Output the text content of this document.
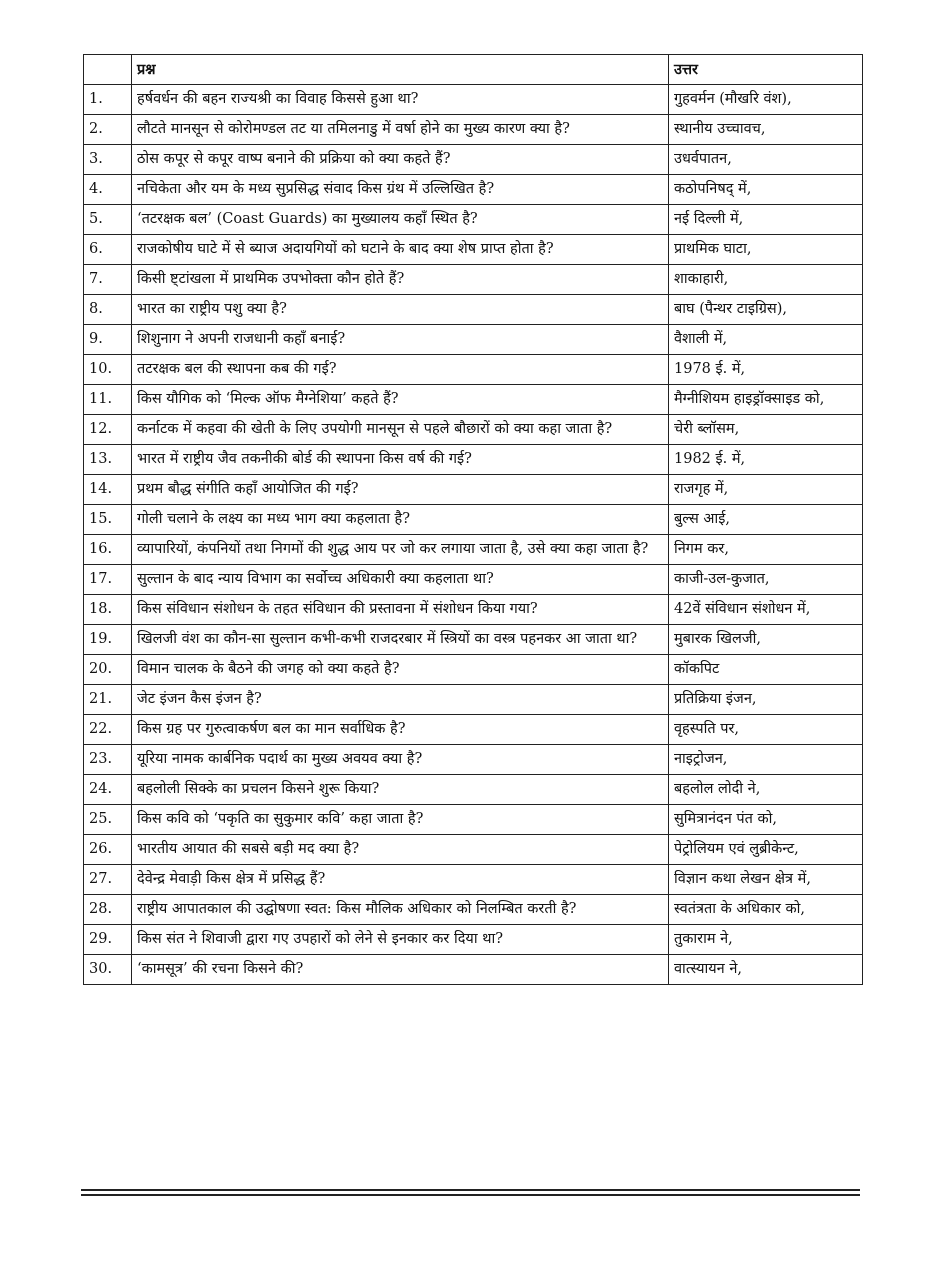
	प्रश्न	उत्तर
1.	हर्षवर्धन की बहन राज्यश्री का विवाह किससे हुआ था?	गुहवर्मन (मौखरि वंश),
2.	लौटते मानसून से कोरोमण्डल तट या तमिलनाडु में वर्षा होने का मुख्य कारण क्या है?	स्थानीय उच्चावच,
3.	ठोस कपूर से कपूर वाष्प बनाने की प्रक्रिया को क्या कहते हैं?	उधर्वपातन,
4.	नचिकेता और यम के मध्य सुप्रसिद्ध संवाद किस ग्रंथ में उल्लिखित है?	कठोपनिषद् में,
5.	‘तटरक्षक बल’ (Coast Guards) का मुख्यालय कहाँ स्थित है?	नई दिल्ली में,
6.	राजकोषीय घाटे में से ब्याज अदायगियों को घटाने के बाद क्या शेष प्राप्त होता है?	प्राथमिक घाटा,
7.	किसी ष्ट्टांखला में प्राथमिक उपभोक्ता कौन होते हैं?	शाकाहारी,
8.	भारत का राष्ट्रीय पशु क्या है?	बाघ (पैन्थर टाइग्रिस),
9.	शिशुनाग ने अपनी राजधानी कहाँ बनाई?	वैशाली में,
10.	तटरक्षक बल की स्थापना कब की गई?	1978 ई. में,
11.	किस यौगिक को ‘मिल्क ऑफ मैग्नेशिया’ कहते हैं?	मैग्नीशियम हाइड्रॉक्साइड को,
12.	कर्नाटक में कहवा की खेती के लिए उपयोगी मानसून से पहले बौछारों को क्या कहा जाता है?	चेरी ब्लॉसम,
13.	भारत में राष्ट्रीय जैव तकनीकी बोर्ड की स्थापना किस वर्ष की गई?	1982 ई. में,
14.	प्रथम बौद्ध संगीति कहाँ आयोजित की गई?	राजगृह में,
15.	गोली चलाने के लक्ष्य का मध्य भाग क्या कहलाता है?	बुल्स आई,
16.	व्यापारियों, कंपनियों तथा निगमों की शुद्ध आय पर जो कर लगाया जाता है, उसे क्या कहा जाता है?	निगम कर,
17.	सुल्तान के बाद न्याय विभाग का सर्वोच्च अधिकारी क्या कहलाता था?	काजी-उल-कुजात,
18.	किस संविधान संशोधन के तहत संविधान की प्रस्तावना में संशोधन किया गया?	42वें संविधान संशोधन में,
19.	खिलजी वंश का कौन-सा सुल्तान कभी-कभी राजदरबार में स्त्रियों का वस्त्र पहनकर आ जाता था?	मुबारक खिलजी,
20.	विमान चालक के बैठने की जगह को क्या कहते है?	कॉकपिट
21.	जेट इंजन कैस इंजन है?	प्रतिक्रिया इंजन,
22.	किस ग्रह पर गुरुत्वाकर्षण बल का मान सर्वाधिक है?	वृहस्पति पर,
23.	यूरिया नामक कार्बनिक पदार्थ का मुख्य अवयव क्या है?	नाइट्रोजन,
24.	बहलोली सिक्के का प्रचलन किसने शुरू किया?	बहलोल लोदी ने,
25.	किस कवि को ‘पकृति का सुकुमार कवि’ कहा जाता है?	सुमित्रानंदन पंत को,
26.	भारतीय आयात की सबसे बड़ी मद क्या है?	पेट्रोलियम एवं लुब्रीकेन्ट,
27.	देवेन्द्र मेवाड़ी किस क्षेत्र में प्रसिद्ध हैं?	विज्ञान कथा लेखन क्षेत्र में,
28.	राष्ट्रीय आपातकाल की उद्घोषणा स्वत: किस मौलिक अधिकार को निलम्बित करती है?	स्वतंत्रता के अधिकार को,
29.	किस संत ने शिवाजी द्वारा गए उपहारों को लेने से इनकार कर दिया था?	तुकाराम ने,
30.	‘कामसूत्र’ की रचना किसने की?	वात्स्यायन ने,
